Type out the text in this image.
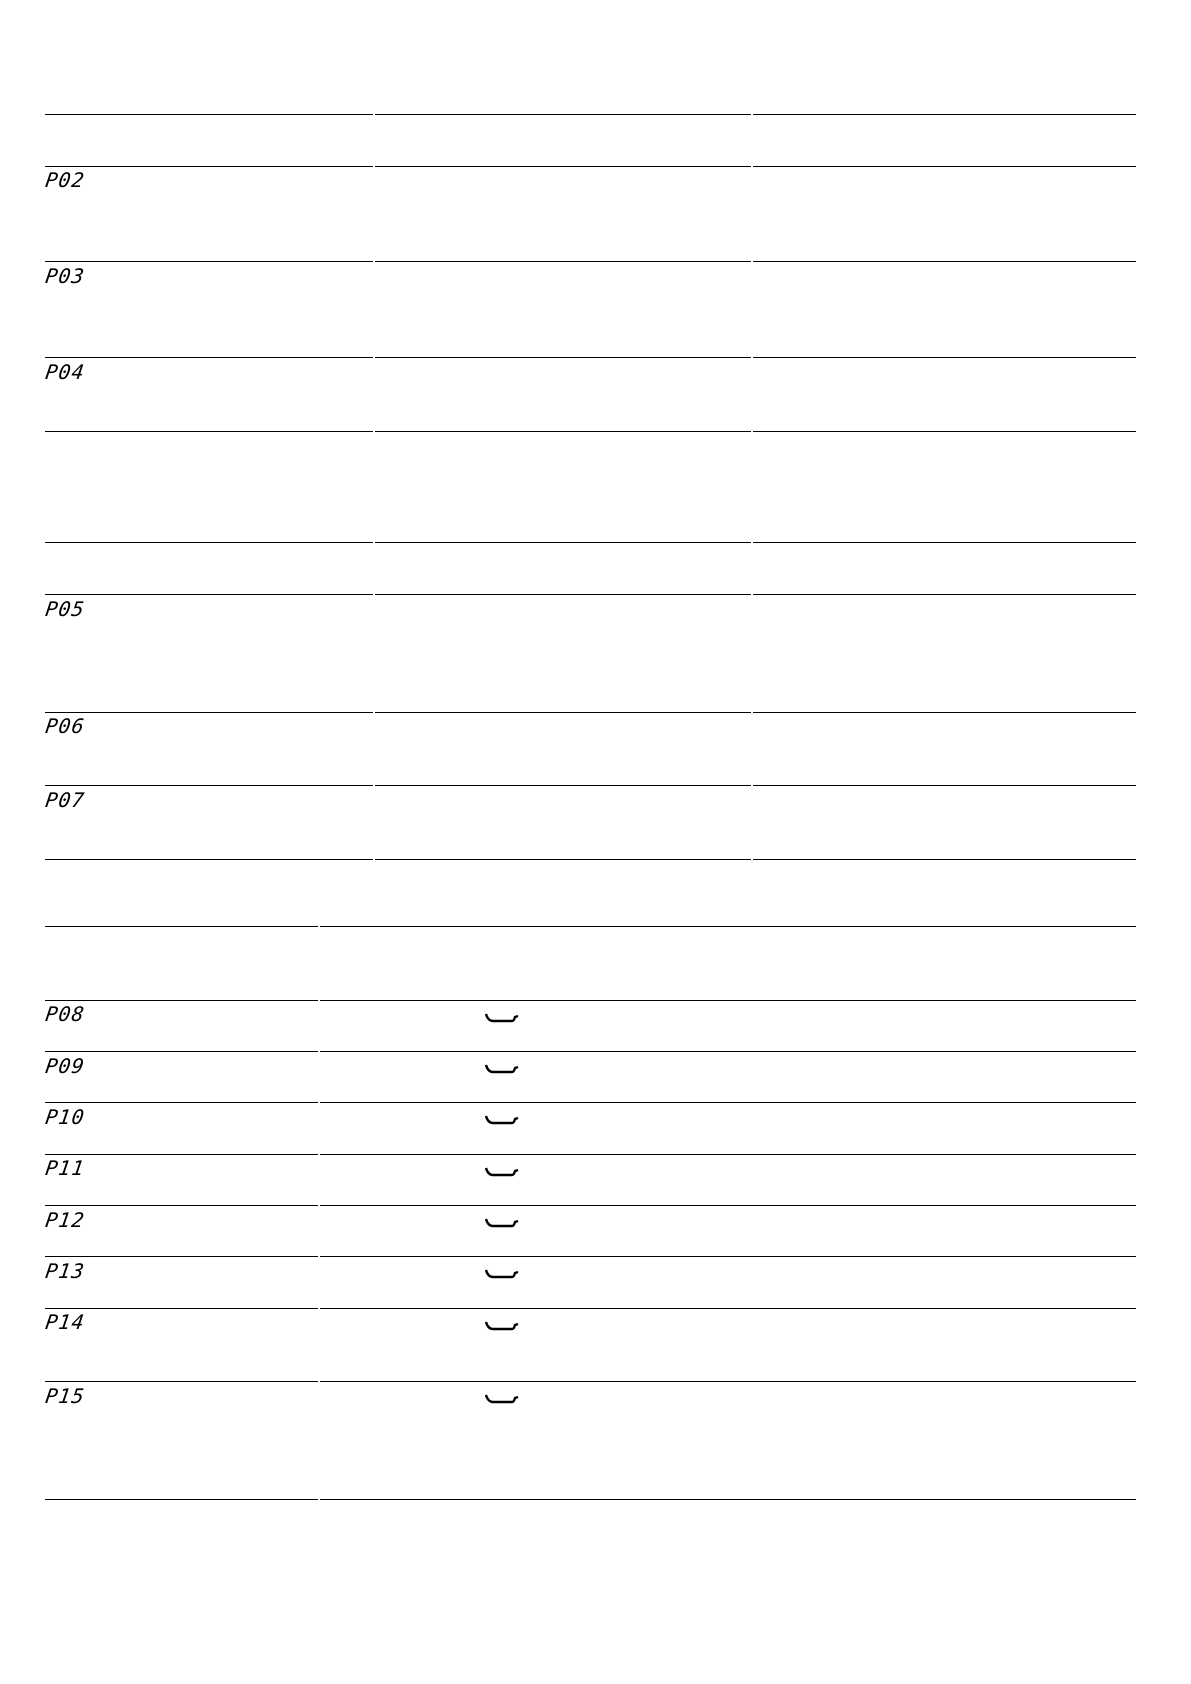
P02
P03
P04
P05
P06
P07
P08
P09
P10
P11
P12
P13
P14
P15
